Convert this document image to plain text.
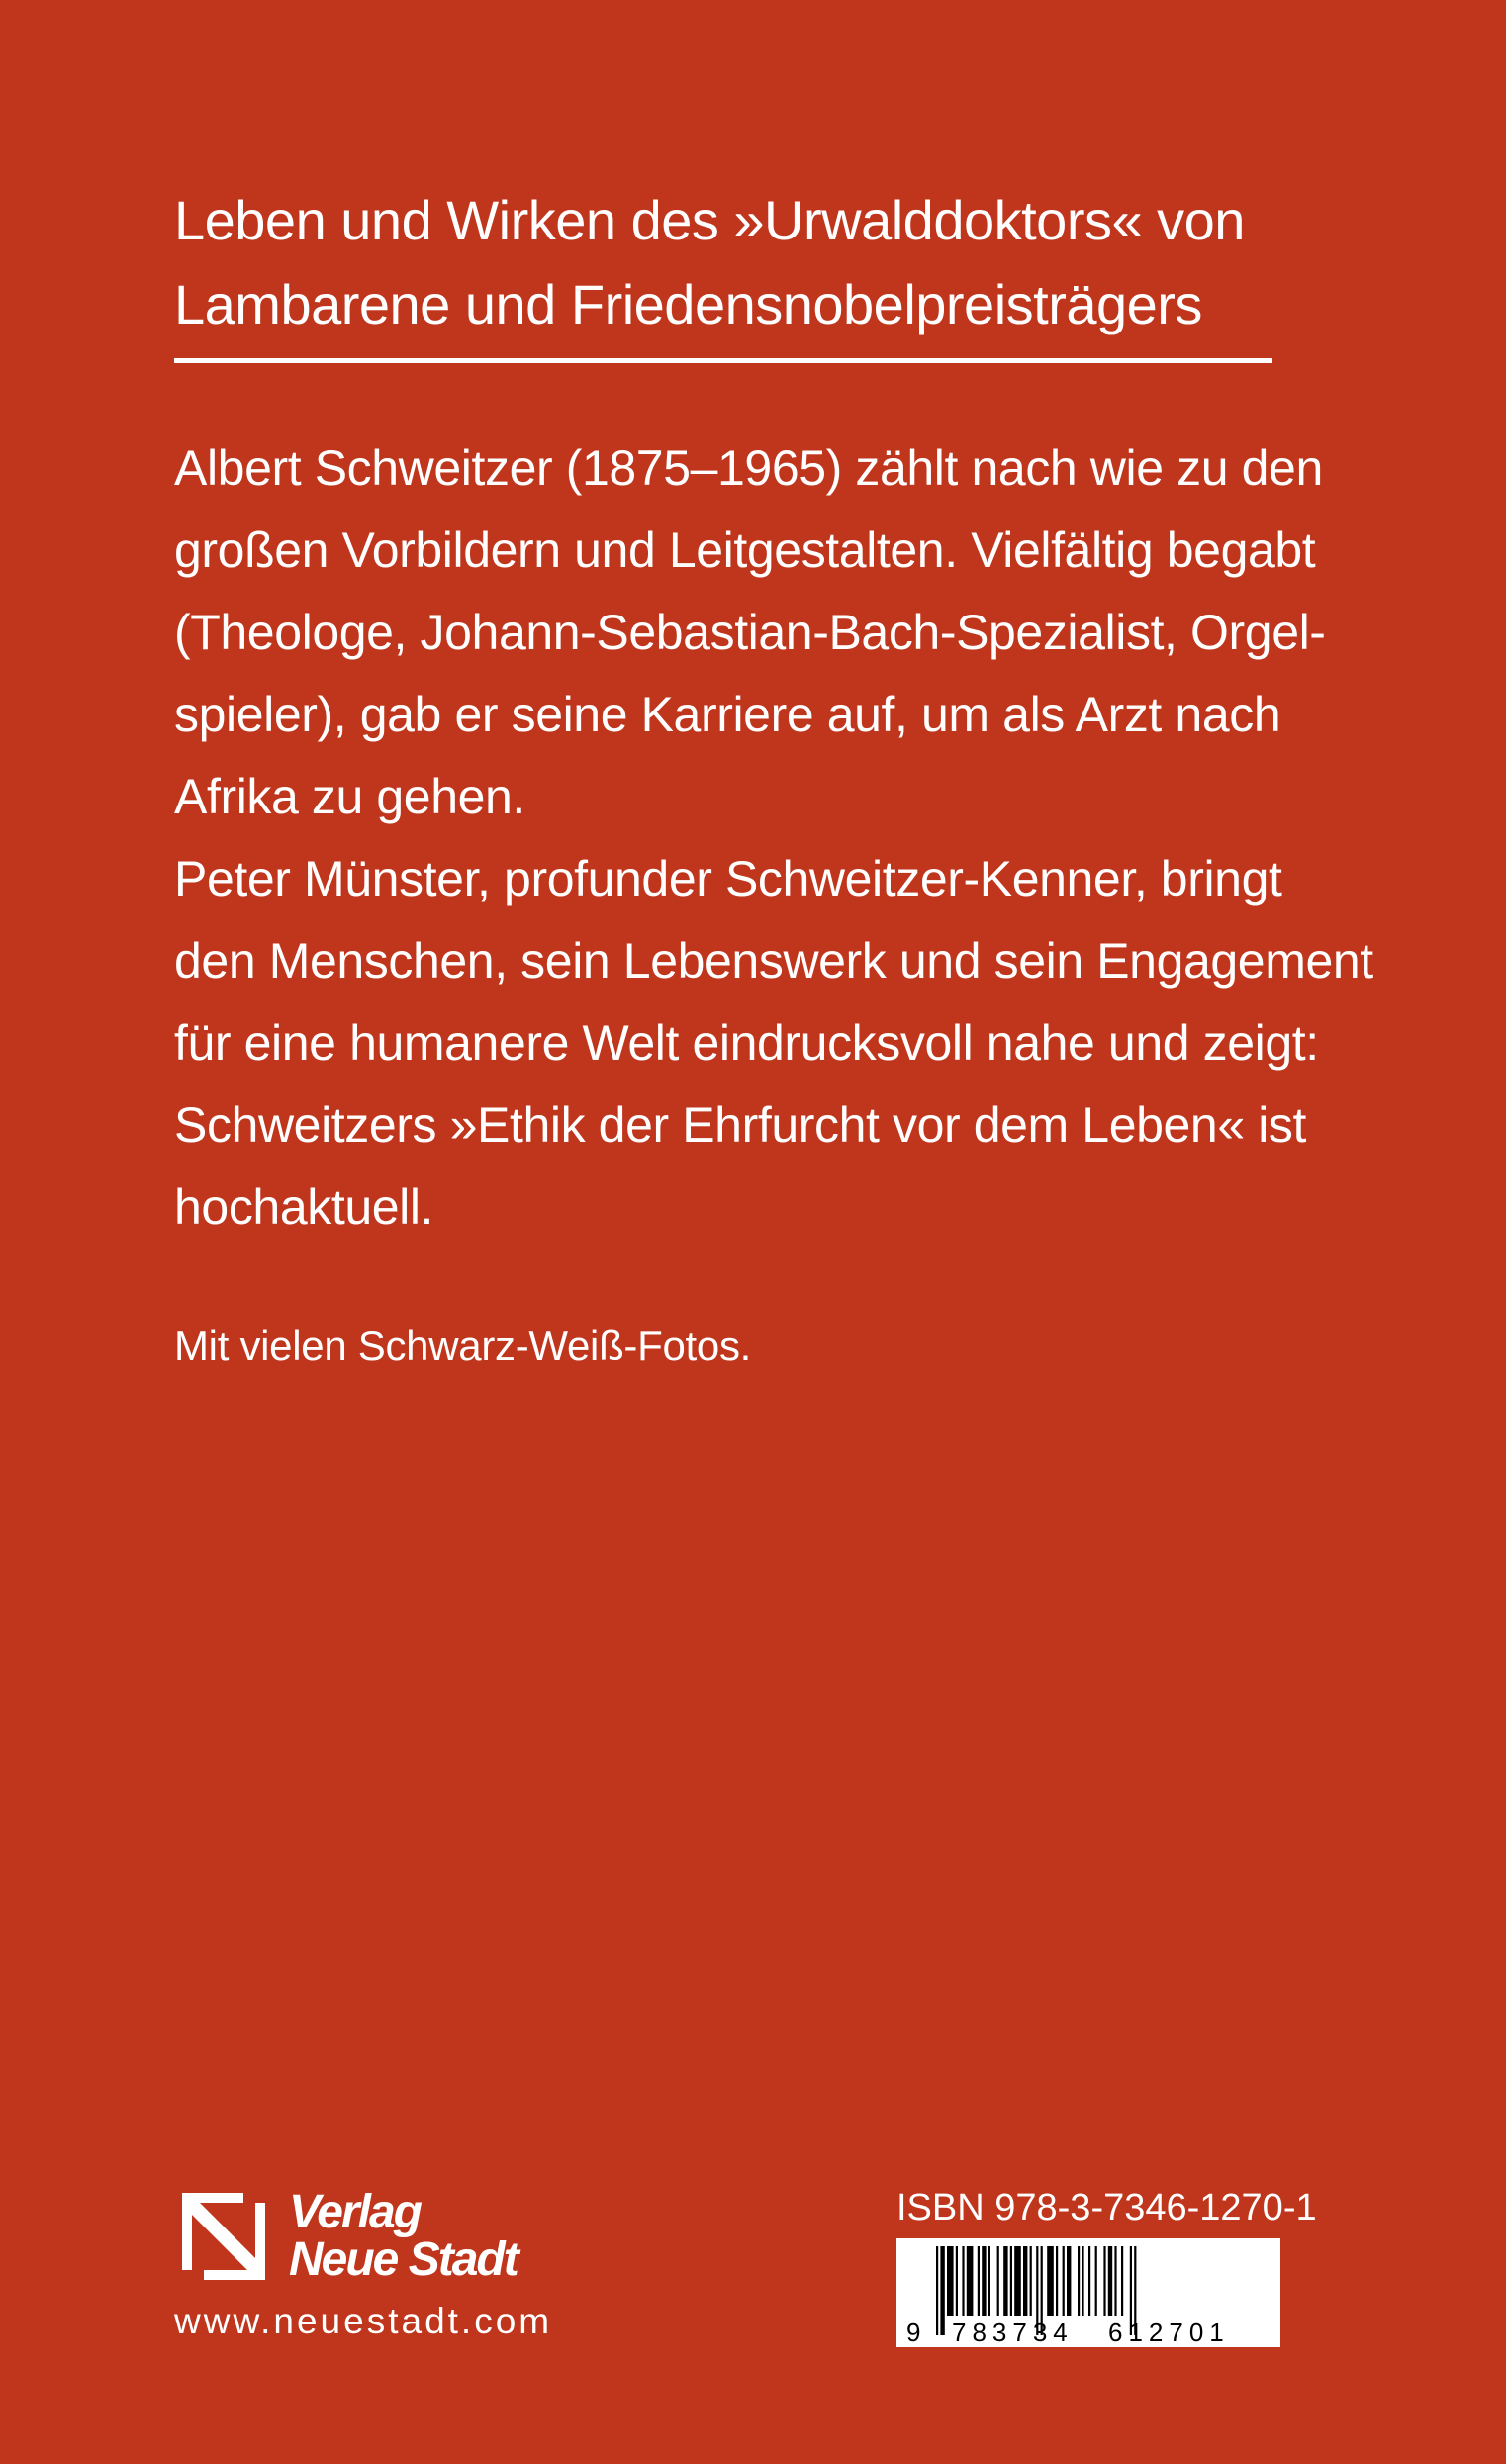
Leben und Wirken des »Urwalddoktors« von
Lambarene und Friedensnobelpreisträgers
Albert Schweitzer (1875–1965) zählt nach wie zu den
großen Vorbildern und Leitgestalten. Vielfältig begabt
(Theologe, Johann-Sebastian-Bach-Spezialist, Orgel-
spieler), gab er seine Karriere auf, um als Arzt nach
Afrika zu gehen.
Peter Münster, profunder Schweitzer-Kenner, bringt
den Menschen, sein Lebenswerk und sein Engagement
für eine humanere Welt eindrucksvoll nahe und zeigt:
Schweitzers »Ethik der Ehrfurcht vor dem Leben« ist
hochaktuell.
Mit vielen Schwarz-Weiß-Fotos.
Verlag
Neue Stadt
www.neuestadt.com
ISBN 978-3-7346-1270-1
9 783734 612701
